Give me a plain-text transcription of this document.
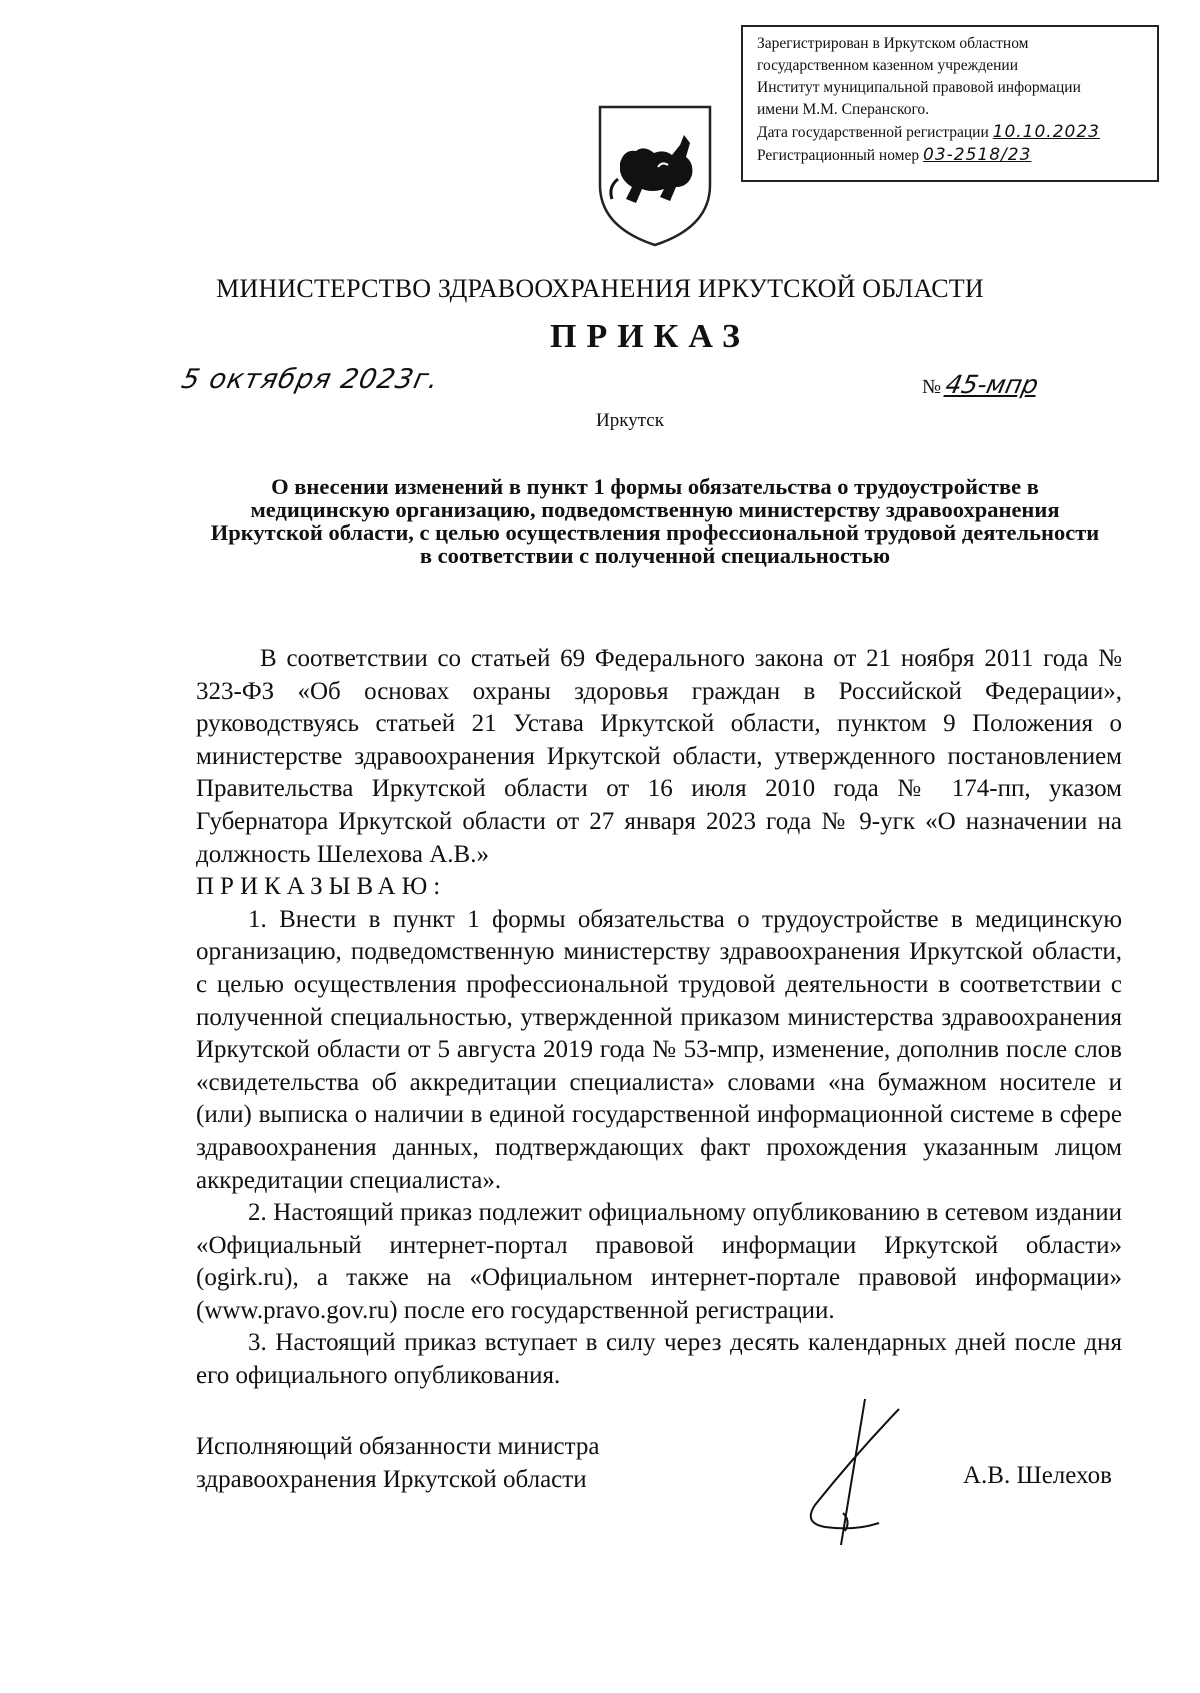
Зарегистрирован в Иркутском областном
государственном казенном учреждении
Институт муниципальной правовой информации
имени М.М. Сперанского.
Дата государственной регистрации 10.10.2023
Регистрационный номер 03-2518/23
МИНИСТЕРСТВО ЗДРАВООХРАНЕНИЯ ИРКУТСКОЙ ОБЛАСТИ
ПРИКАЗ
5 октября 2023г.	№ 45-мпр
Иркутск
О внесении изменений в пункт 1 формы обязательства о трудоустройстве в медицинскую организацию, подведомственную министерству здравоохранения Иркутской области, с целью осуществления профессиональной трудовой деятельности в соответствии с полученной специальностью

В соответствии со статьей 69 Федерального закона от 21 ноября 2011 года № 323-ФЗ «Об основах охраны здоровья граждан в Российской Федерации», руководствуясь статьей 21 Устава Иркутской области, пунктом 9 Положения о министерстве здравоохранения Иркутской области, утвержденного постановлением Правительства Иркутской области от 16 июля 2010 года № 174-пп, указом Губернатора Иркутской области от 27 января 2023 года № 9-угк «О назначении на должность Шелехова А.В.»

ПРИКАЗЫВАЮ:

1. Внести в пункт 1 формы обязательства о трудоустройстве в медицинскую организацию, подведомственную министерству здравоохранения Иркутской области, с целью осуществления профессиональной трудовой деятельности в соответствии с полученной специальностью, утвержденной приказом министерства здравоохранения Иркутской области от 5 августа 2019 года № 53-мпр, изменение, дополнив после слов «свидетельства об аккредитации специалиста» словами «на бумажном носителе и (или) выписка о наличии в единой государственной информационной системе в сфере здравоохранения данных, подтверждающих факт прохождения указанным лицом аккредитации специалиста».

2. Настоящий приказ подлежит официальному опубликованию в сетевом издании «Официальный интернет-портал правовой информации Иркутской области» (ogirk.ru), а также на «Официальном интернет-портале правовой информации» (www.pravo.gov.ru) после его государственной регистрации.

3. Настоящий приказ вступает в силу через десять календарных дней после дня его официального опубликования.

Исполняющий обязанности министра
здравоохранения Иркутской области	А.В. Шелехов
